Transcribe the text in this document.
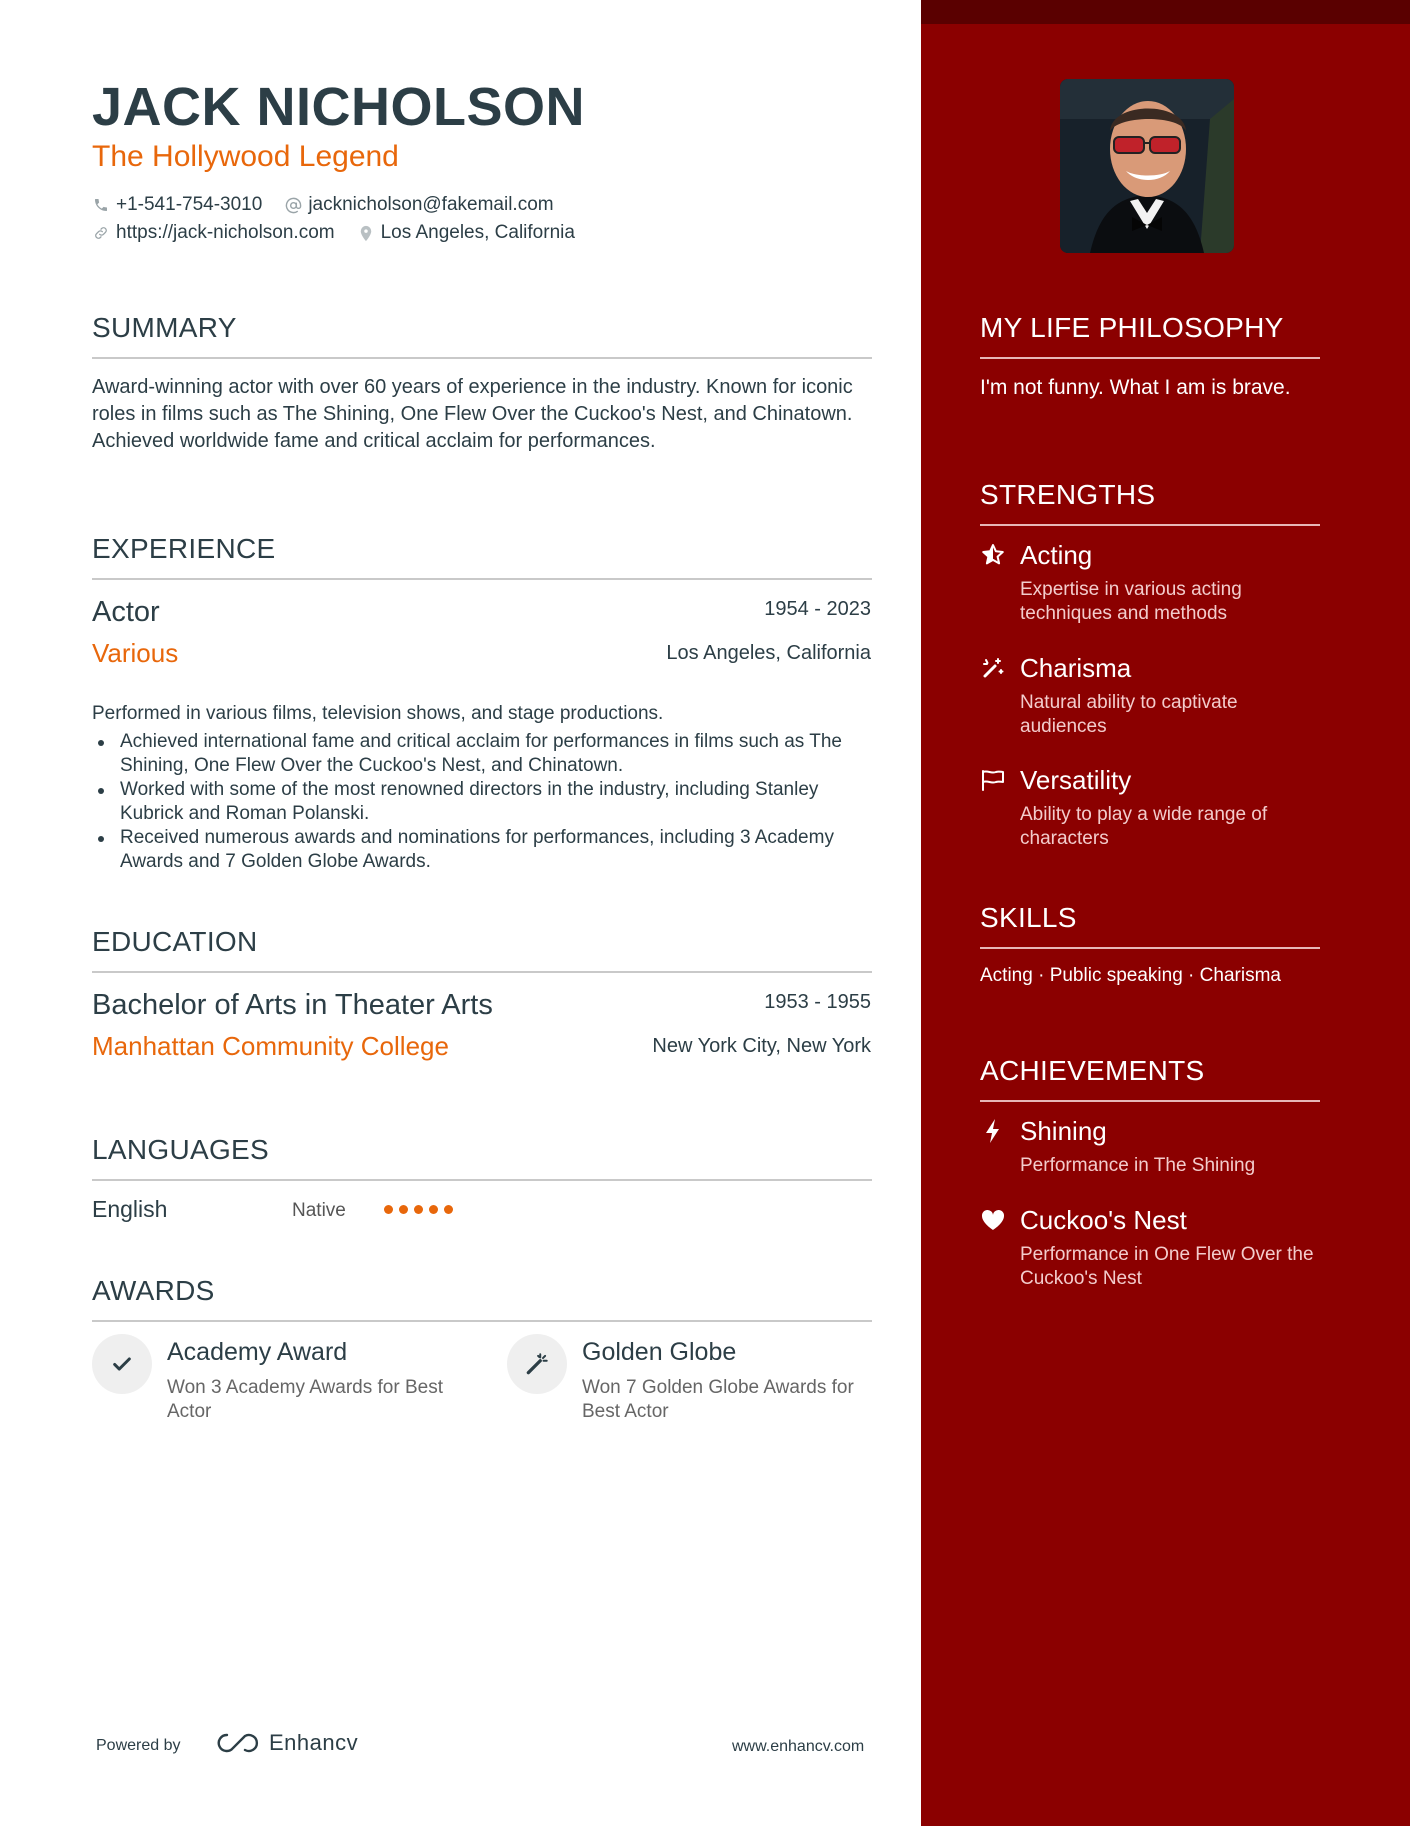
JACK NICHOLSON
The Hollywood Legend
+1-541-754-3010 jacknicholson@fakemail.com
https://jack-nicholson.com Los Angeles, California
SUMMARY
Award-winning actor with over 60 years of experience in the industry. Known for iconic roles in films such as The Shining, One Flew Over the Cuckoo's Nest, and Chinatown. Achieved worldwide fame and critical acclaim for performances.
EXPERIENCE
Actor	1954 - 2023
Various	Los Angeles, California
Performed in various films, television shows, and stage productions.
Achieved international fame and critical acclaim for performances in films such as The Shining, One Flew Over the Cuckoo's Nest, and Chinatown.
Worked with some of the most renowned directors in the industry, including Stanley Kubrick and Roman Polanski.
Received numerous awards and nominations for performances, including 3 Academy Awards and 7 Golden Globe Awards.
EDUCATION
Bachelor of Arts in Theater Arts	1953 - 1955
Manhattan Community College	New York City, New York
LANGUAGES
English	Native
AWARDS
Academy Award
Won 3 Academy Awards for Best Actor
Golden Globe
Won 7 Golden Globe Awards for Best Actor
Powered by	Enhancv	www.enhancv.com
MY LIFE PHILOSOPHY
I'm not funny. What I am is brave.
STRENGTHS
Acting
Expertise in various acting techniques and methods
Charisma
Natural ability to captivate audiences
Versatility
Ability to play a wide range of characters
SKILLS
Acting · Public speaking · Charisma
ACHIEVEMENTS
Shining
Performance in The Shining
Cuckoo's Nest
Performance in One Flew Over the Cuckoo's Nest
